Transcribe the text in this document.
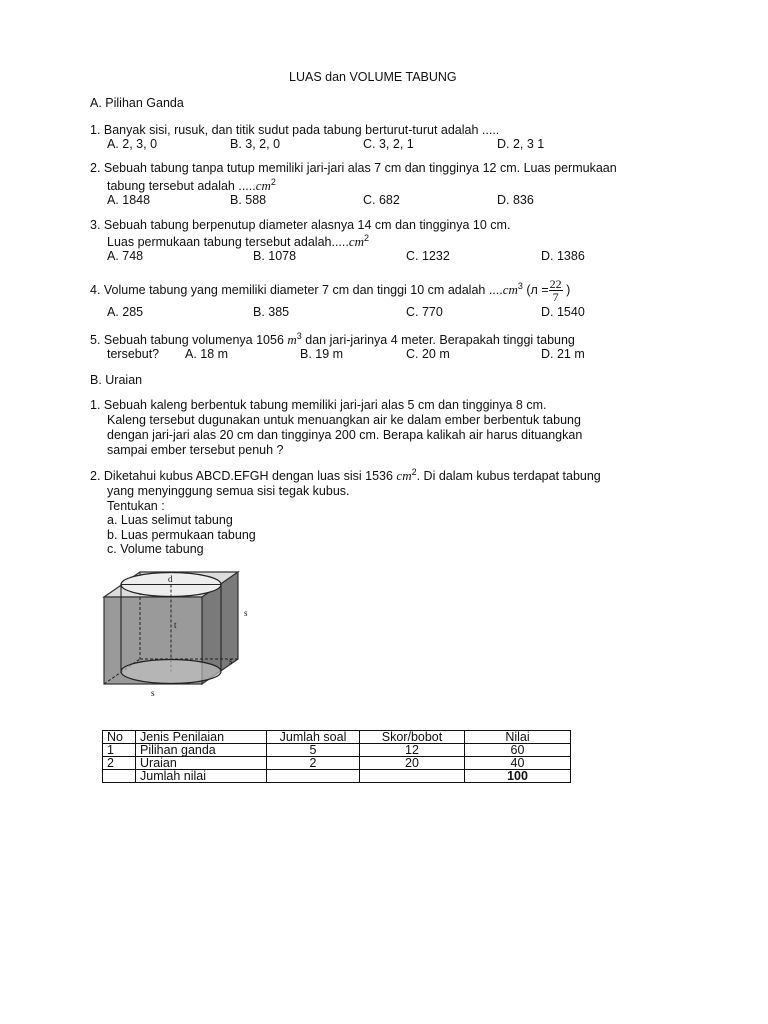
LUAS dan VOLUME TABUNG
A. Pilihan Ganda
1. Banyak sisi, rusuk, dan titik sudut pada tabung berturut-turut adalah .....
A. 2, 3, 0	B. 3, 2, 0	C. 3, 2, 1	D. 2, 3 1
2. Sebuah tabung tanpa tutup memiliki jari-jari alas 7 cm dan tingginya 12 cm. Luas permukaan
tabung tersebut adalah $.....cm^2$
A. 1848	B. 588	C. 682	D. 836
3. Sebuah tabung berpenutup diameter alasnya 14 cm dan tingginya 10 cm.
Luas permukaan tabung tersebut $adalah.....cm^2$
A. 748	B. 1078	C. 1232	D. 1386
4. Volume tabung yang memiliki diameter 7 cm dan tinggi 10 cm adalah $....cm^3$ ($л = \frac{22}{7}$ )
A. 285	B. 385	C. 770	D. 1540
5. Sebuah tabung volumenya 1056 $m^3$ dan jari-jarinya 4 meter. Berapakah tinggi tabung
tersebut? A. 18 m	B. 19 m	C. 20 m	D. 21 m
B. Uraian
1. Sebuah kaleng berbentuk tabung memiliki jari-jari alas 5 cm dan tingginya 8 cm.
Kaleng tersebut dugunakan untuk menuangkan air ke dalam ember berbentuk tabung
dengan jari-jari alas 20 cm dan tingginya 200 cm. Berapa kalikah air harus dituangkan
sampai ember tersebut penuh ?
2. Diketahui kubus ABCD.EFGH dengan luas sisi 1536 $cm^2$. Di dalam kubus terdapat tabung
yang menyinggung semua sisi tegak kubus.
Tentukan :
a. Luas selimut tabung
b. Luas permukaan tabung
c. Volume tabung
d
t
s
s
s
No	Jenis Penilaian	Jumlah soal	Skor/bobot	Nilai
1	Pilihan ganda	5	12	60
2	Uraian	2	20	40
	Jumlah nilai			100
